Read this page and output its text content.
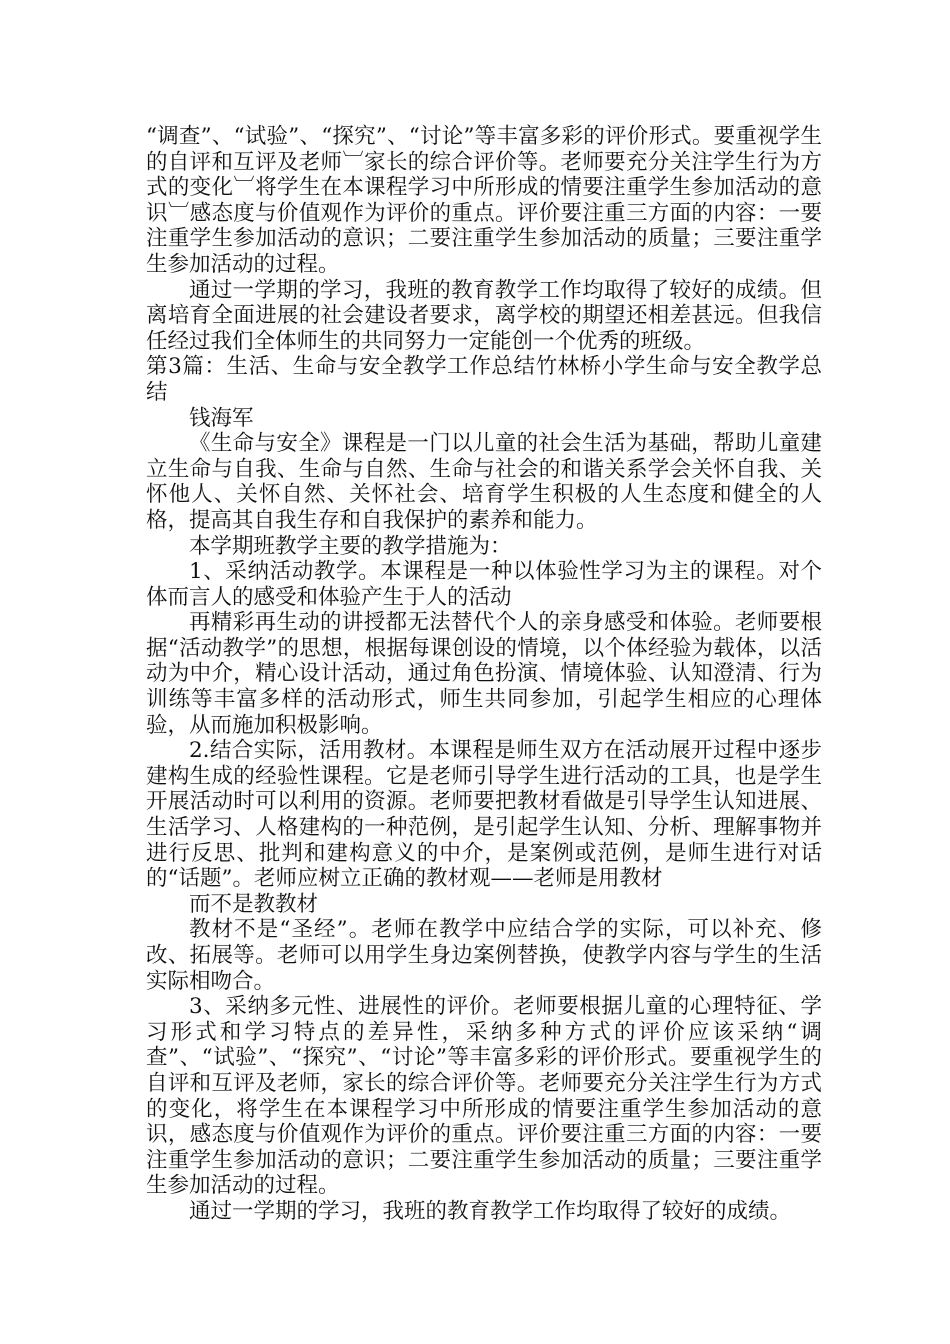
“调查”、“试验”、“探究”、“讨论”等丰富多彩的评价形式。要重视学生的自评和互评及老师︺家长的综合评价等。老师要充分关注学生行为方式的变化︺将学生在本课程学习中所形成的情要注重学生参加活动的意识︺感态度与价值观作为评价的重点。评价要注重三方面的内容：一要注重学生参加活动的意识；二要注重学生参加活动的质量；三要注重学生参加活动的过程。

通过一学期的学习，我班的教育教学工作均取得了较好的成绩。但离培育全面进展的社会建设者要求，离学校的期望还相差甚远。但我信任经过我们全体师生的共同努力一定能创一个优秀的班级。

第3篇：生活、生命与安全教学工作总结竹林桥小学生命与安全教学总结

钱海军

《生命与安全》课程是一门以儿童的社会生活为基础，帮助儿童建立生命与自我、生命与自然、生命与社会的和谐关系学会关怀自我、关怀他人、关怀自然、关怀社会、培育学生积极的人生态度和健全的人格，提高其自我生存和自我保护的素养和能力。

本学期班教学主要的教学措施为：

1、采纳活动教学。本课程是一种以体验性学习为主的课程。对个体而言人的感受和体验产生于人的活动

再精彩再生动的讲授都无法替代个人的亲身感受和体验。老师要根据“活动教学”的思想，根据每课创设的情境，以个体经验为载体，以活动为中介，精心设计活动，通过角色扮演、情境体验、认知澄清、行为训练等丰富多样的活动形式，师生共同参加，引起学生相应的心理体验，从而施加积极影响。

2.结合实际，活用教材。本课程是师生双方在活动展开过程中逐步建构生成的经验性课程。它是老师引导学生进行活动的工具，也是学生开展活动时可以利用的资源。老师要把教材看做是引导学生认知进展、生活学习、人格建构的一种范例，是引起学生认知、分析、理解事物并进行反思、批判和建构意义的中介，是案例或范例，是师生进行对话的“话题”。老师应树立正确的教材观——老师是用教材

而不是教教材

教材不是“圣经”。老师在教学中应结合学的实际，可以补充、修改、拓展等。老师可以用学生身边案例替换，使教学内容与学生的生活实际相吻合。

3、采纳多元性、进展性的评价。老师要根据儿童的心理特征、学习形式和学习特点的差异性，采纳多种方式的评价应该采纳“调查”、“试验”、“探究”、“讨论”等丰富多彩的评价形式。要重视学生的自评和互评及老师，家长的综合评价等。老师要充分关注学生行为方式的变化，将学生在本课程学习中所形成的情要注重学生参加活动的意识，感态度与价值观作为评价的重点。评价要注重三方面的内容：一要注重学生参加活动的意识；二要注重学生参加活动的质量；三要注重学生参加活动的过程。

通过一学期的学习，我班的教育教学工作均取得了较好的成绩。
